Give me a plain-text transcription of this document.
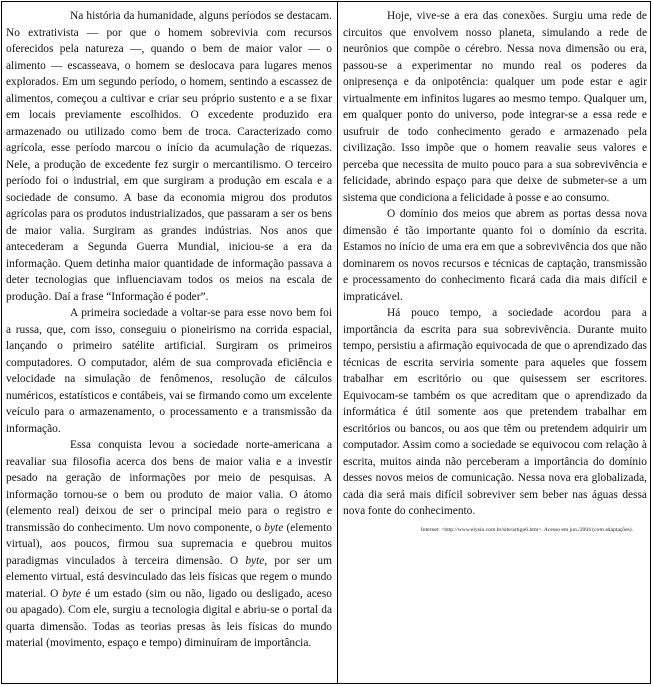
Na história da humanidade, alguns períodos se destacam. No extrativista — por que o homem sobrevivia com recursos oferecidos pela natureza —, quando o bem de maior valor — o alimento — escasseava, o homem se deslocava para lugares menos explorados. Em um segundo período, o homem, sentindo a escassez de alimentos, começou a cultivar e criar seu próprio sustento e a se fixar em locais previamente escolhidos. O excedente produzido era armazenado ou utilizado como bem de troca. Caracterizado como agrícola, esse período marcou o início da acumulação de riquezas. Nele, a produção de excedente fez surgir o mercantilismo. O terceiro período foi o industrial, em que surgiram a produção em escala e a sociedade de consumo. A base da economia migrou dos produtos agrícolas para os produtos industrializados, que passaram a ser os bens de maior valia. Surgiram as grandes indústrias. Nos anos que antecederam a Segunda Guerra Mundial, iniciou-se a era da informação. Quem detinha maior quantidade de informação passava a deter tecnologias que influenciavam todos os meios na escala de produção. Daí a frase “Informação é poder”.

A primeira sociedade a voltar-se para esse novo bem foi a russa, que, com isso, conseguiu o pioneirismo na corrida espacial, lançando o primeiro satélite artificial. Surgiram os primeiros computadores. O computador, além de sua comprovada eficiência e velocidade na simulação de fenômenos, resolução de cálculos numéricos, estatísticos e contábeis, vai se firmando como um excelente veículo para o armazenamento, o processamento e a transmissão da informação.

Essa conquista levou a sociedade norte-americana a reavaliar sua filosofia acerca dos bens de maior valia e a investir pesado na geração de informações por meio de pesquisas. A informação tornou-se o bem ou produto de maior valia. O átomo (elemento real) deixou de ser o principal meio para o registro e transmissão do conhecimento. Um novo componente, o byte (elemento virtual), aos poucos, firmou sua supremacia e quebrou muitos paradigmas vinculados à terceira dimensão. O byte, por ser um elemento virtual, está desvinculado das leis físicas que regem o mundo material. O byte é um estado (sim ou não, ligado ou desligado, aceso ou apagado). Com ele, surgiu a tecnologia digital e abriu-se o portal da quarta dimensão. Todas as teorias presas às leis físicas do mundo material (movimento, espaço e tempo) diminuíram de importância.

Hoje, vive-se a era das conexões. Surgiu uma rede de circuitos que envolvem nosso planeta, simulando a rede de neurônios que compõe o cérebro. Nessa nova dimensão ou era, passou-se a experimentar no mundo real os poderes da onipresença e da onipotência: qualquer um pode estar e agir virtualmente em infinitos lugares ao mesmo tempo. Qualquer um, em qualquer ponto do universo, pode integrar-se a essa rede e usufruir de todo conhecimento gerado e armazenado pela civilização. Isso impõe que o homem reavalie seus valores e perceba que necessita de muito pouco para a sua sobrevivência e felicidade, abrindo espaço para que deixe de submeter-se a um sistema que condiciona a felicidade à posse e ao consumo.

O domínio dos meios que abrem as portas dessa nova dimensão é tão importante quanto foi o domínio da escrita. Estamos no início de uma era em que a sobrevivência dos que não dominarem os novos recursos e técnicas de captação, transmissão e processamento do conhecimento ficará cada dia mais difícil e impraticável.

Há pouco tempo, a sociedade acordou para a importância da escrita para sua sobrevivência. Durante muito tempo, persistiu a afirmação equivocada de que o aprendizado das técnicas de escrita serviria somente para aqueles que fossem trabalhar em escritório ou que quisessem ser escritores. Equivocam-se também os que acreditam que o aprendizado da informática é útil somente aos que pretendem trabalhar em escritórios ou bancos, ou aos que têm ou pretendem adquirir um computador. Assim como a sociedade se equivocou com relação à escrita, muitos ainda não perceberam a importância do domínio desses novos meios de comunicação. Nessa nova era globalizada, cada dia será mais difícil sobreviver sem beber nas águas dessa nova fonte do conhecimento.

Internet: <http://www.elysio.com.br/site/artigo6.htm>. Acesso em jun./2004 (com adaptações).
